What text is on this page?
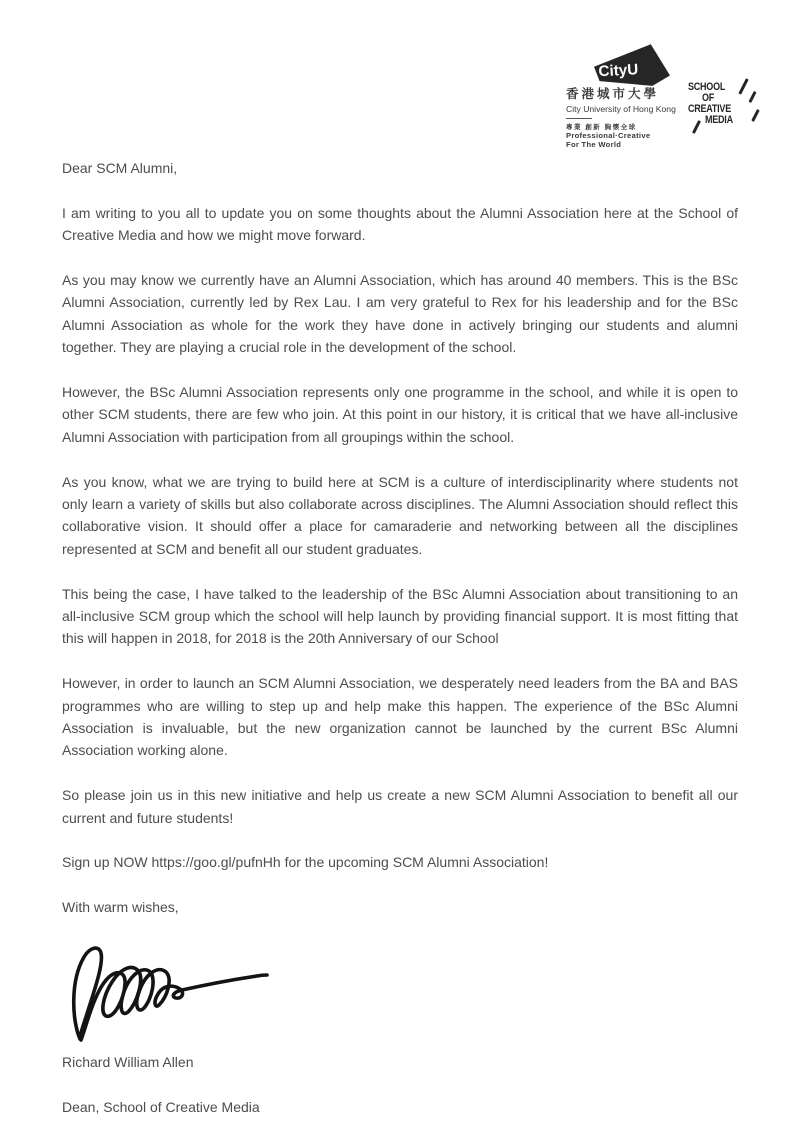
CityU
香港城市大學
City University of Hong Kong
專業 創新 胸懷全球
Professional·Creative
For The World
SCHOOL
OF
CREATIVE
MEDIA

Dear SCM Alumni,

I am writing to you all to update you on some thoughts about the Alumni Association here at the School of Creative Media and how we might move forward.

As you may know we currently have an Alumni Association, which has around 40 members. This is the BSc Alumni Association, currently led by Rex Lau. I am very grateful to Rex for his leadership and for the BSc Alumni Association as whole for the work they have done in actively bringing our students and alumni together. They are playing a crucial role in the development of the school.

However, the BSc Alumni Association represents only one programme in the school, and while it is open to other SCM students, there are few who join. At this point in our history, it is critical that we have all-inclusive Alumni Association with participation from all groupings within the school.

As you know, what we are trying to build here at SCM is a culture of interdisciplinarity where students not only learn a variety of skills but also collaborate across disciplines. The Alumni Association should reflect this collaborative vision. It should offer a place for camaraderie and networking between all the disciplines represented at SCM and benefit all our student graduates.

This being the case, I have talked to the leadership of the BSc Alumni Association about transitioning to an all-inclusive SCM group which the school will help launch by providing financial support. It is most fitting that this will happen in 2018, for 2018 is the 20th Anniversary of our School

However, in order to launch an SCM Alumni Association, we desperately need leaders from the BA and BAS programmes who are willing to step up and help make this happen. The experience of the BSc Alumni Association is invaluable, but the new organization cannot be launched by the current BSc Alumni Association working alone.

So please join us in this new initiative and help us create a new SCM Alumni Association to benefit all our current and future students!

Sign up NOW https://goo.gl/pufnHh for the upcoming SCM Alumni Association!

With warm wishes,

Richard William Allen

Dean, School of Creative Media
